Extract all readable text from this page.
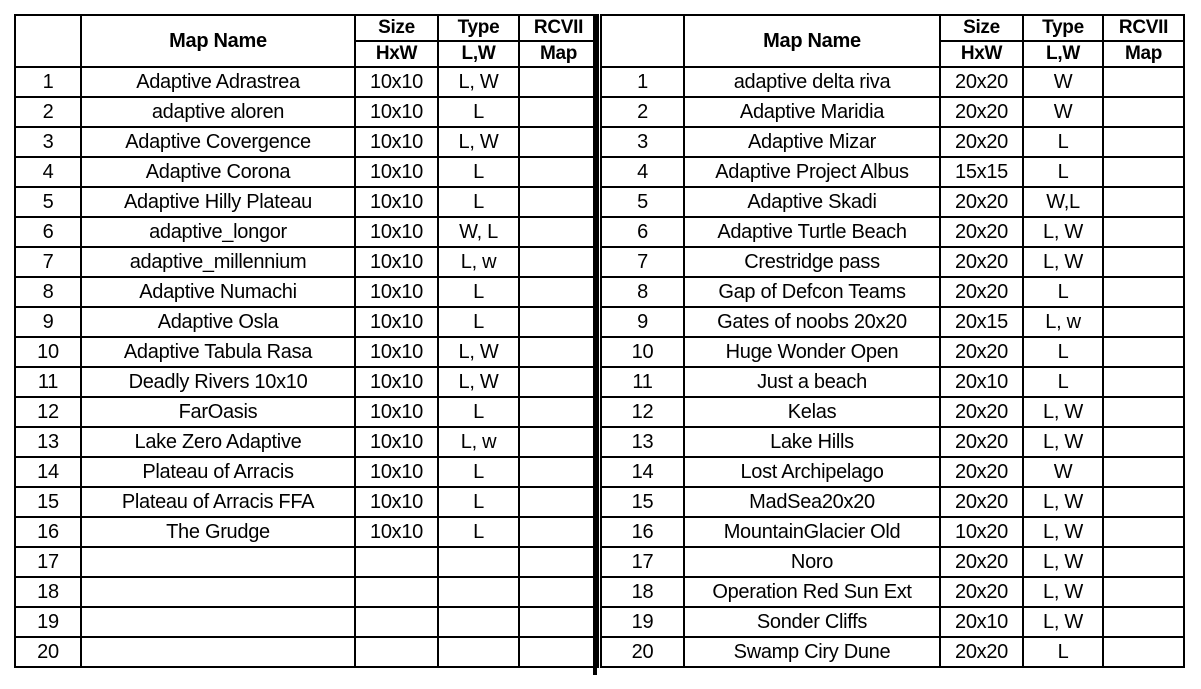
	Map Name	Size	Type	RCVII
		HxW	L,W	Map
1	Adaptive Adrastrea	10x10	L, W	
2	adaptive aloren	10x10	L	
3	Adaptive Covergence	10x10	L, W	
4	Adaptive Corona	10x10	L	
5	Adaptive Hilly Plateau	10x10	L	
6	adaptive_longor	10x10	W, L	
7	adaptive_millennium	10x10	L, w	
8	Adaptive Numachi	10x10	L	
9	Adaptive Osla	10x10	L	
10	Adaptive Tabula Rasa	10x10	L, W	
11	Deadly Rivers 10x10	10x10	L, W	
12	FarOasis	10x10	L	
13	Lake Zero Adaptive	10x10	L, w	
14	Plateau of Arracis	10x10	L	
15	Plateau of Arracis FFA	10x10	L	
16	The Grudge	10x10	L	
17				
18				
19				
20				
	Map Name	Size	Type	RCVII
		HxW	L,W	Map
1	adaptive delta riva	20x20	W	
2	Adaptive Maridia	20x20	W	
3	Adaptive Mizar	20x20	L	
4	Adaptive Project Albus	15x15	L	
5	Adaptive Skadi	20x20	W,L	
6	Adaptive Turtle Beach	20x20	L, W	
7	Crestridge pass	20x20	L, W	
8	Gap of Defcon Teams	20x20	L	
9	Gates of noobs 20x20	20x15	L, w	
10	Huge Wonder Open	20x20	L	
11	Just a beach	20x10	L	
12	Kelas	20x20	L, W	
13	Lake Hills	20x20	L, W	
14	Lost Archipelago	20x20	W	
15	MadSea20x20	20x20	L, W	
16	MountainGlacier Old	10x20	L, W	
17	Noro	20x20	L, W	
18	Operation Red Sun Ext	20x20	L, W	
19	Sonder Cliffs	20x10	L, W	
20	Swamp Ciry Dune	20x20	L	
